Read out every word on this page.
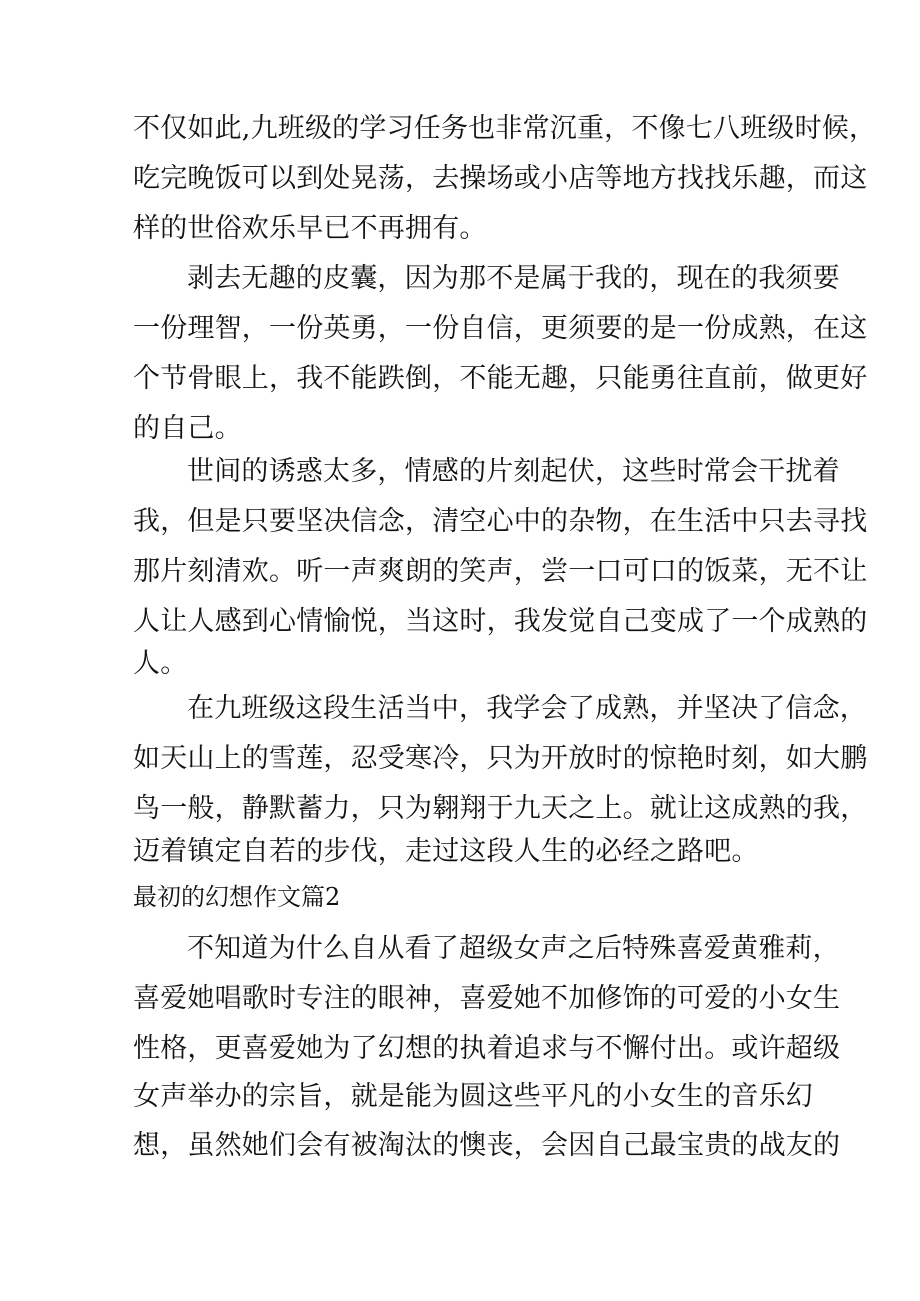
不仅如此,九班级的学习任务也非常沉重，不像七八班级时候，
吃完晚饭可以到处晃荡，去操场或小店等地方找找乐趣，而这
样的世俗欢乐早已不再拥有。
剥去无趣的皮囊，因为那不是属于我的，现在的我须要
一份理智，一份英勇，一份自信，更须要的是一份成熟，在这
个节骨眼上，我不能跌倒，不能无趣，只能勇往直前，做更好
的自己。
世间的诱惑太多，情感的片刻起伏，这些时常会干扰着
我，但是只要坚决信念，清空心中的杂物，在生活中只去寻找
那片刻清欢。听一声爽朗的笑声，尝一口可口的饭菜，无不让
人让人感到心情愉悦，当这时，我发觉自己变成了一个成熟的
人。
在九班级这段生活当中，我学会了成熟，并坚决了信念，
如天山上的雪莲，忍受寒冷，只为开放时的惊艳时刻，如大鹏
鸟一般，静默蓄力，只为翱翔于九天之上。就让这成熟的我，
迈着镇定自若的步伐，走过这段人生的必经之路吧。
最初的幻想作文篇2
不知道为什么自从看了超级女声之后特殊喜爱黄雅莉，
喜爱她唱歌时专注的眼神，喜爱她不加修饰的可爱的小女生
性格，更喜爱她为了幻想的执着追求与不懈付出。或许超级
女声举办的宗旨，就是能为圆这些平凡的小女生的音乐幻
想，虽然她们会有被淘汰的懊丧，会因自己最宝贵的战友的
